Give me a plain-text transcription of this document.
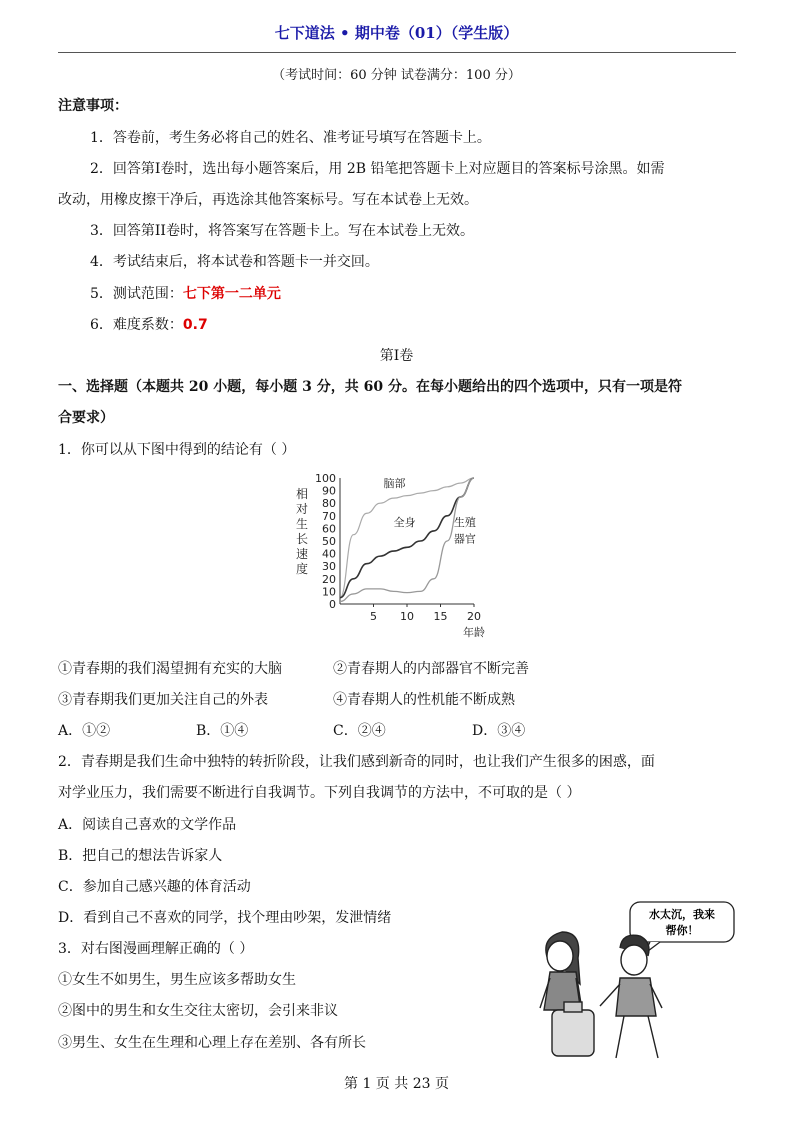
七下道法 • 期中卷（01）（学生版）
（考试时间：60 分钟 试卷满分：100 分）
注意事项：
1．答卷前，考生务必将自己的姓名、准考证号填写在答题卡上。
2．回答第I卷时，选出每小题答案后，用 2B 铅笔把答题卡上对应题目的答案标号涂黑。如需
改动，用橡皮擦干净后，再选涂其他答案标号。写在本试卷上无效。
3．回答第II卷时，将答案写在答题卡上。写在本试卷上无效。
4．考试结束后，将本试卷和答题卡一并交回。
5．测试范围：七下第一二单元
6．难度系数：0.7
第I卷
一、选择题（本题共 20 小题，每小题 3 分，共 60 分。在每小题给出的四个选项中，只有一项是符
合要求）
1．你可以从下图中得到的结论有（ ）
100
90
80
70
60
50
40
30
20
10
0
5 10 15 20
年龄
相
对
生
长
速
度
脑部
全身	生殖
器官
①青春期的我们渴望拥有充实的大脑	②青春期人的内部器官不断完善
③青春期我们更加关注自己的外表	④青春期人的性机能不断成熟
A．①②	B．①④	C．②④	D．③④
2．青春期是我们生命中独特的转折阶段，让我们感到新奇的同时，也让我们产生很多的困惑，面
对学业压力，我们需要不断进行自我调节。下列自我调节的方法中，不可取的是（ ）
A．阅读自己喜欢的文学作品
B．把自己的想法告诉家人
C．参加自己感兴趣的体育活动
D．看到自己不喜欢的同学，找个理由吵架，发泄情绪
3．对右图漫画理解正确的（ ）
①女生不如男生，男生应该多帮助女生
②图中的男生和女生交往太密切，会引来非议
③男生、女生在生理和心理上存在差别、各有所长
水太沉，我来
帮你！
第 1 页 共 23 页
